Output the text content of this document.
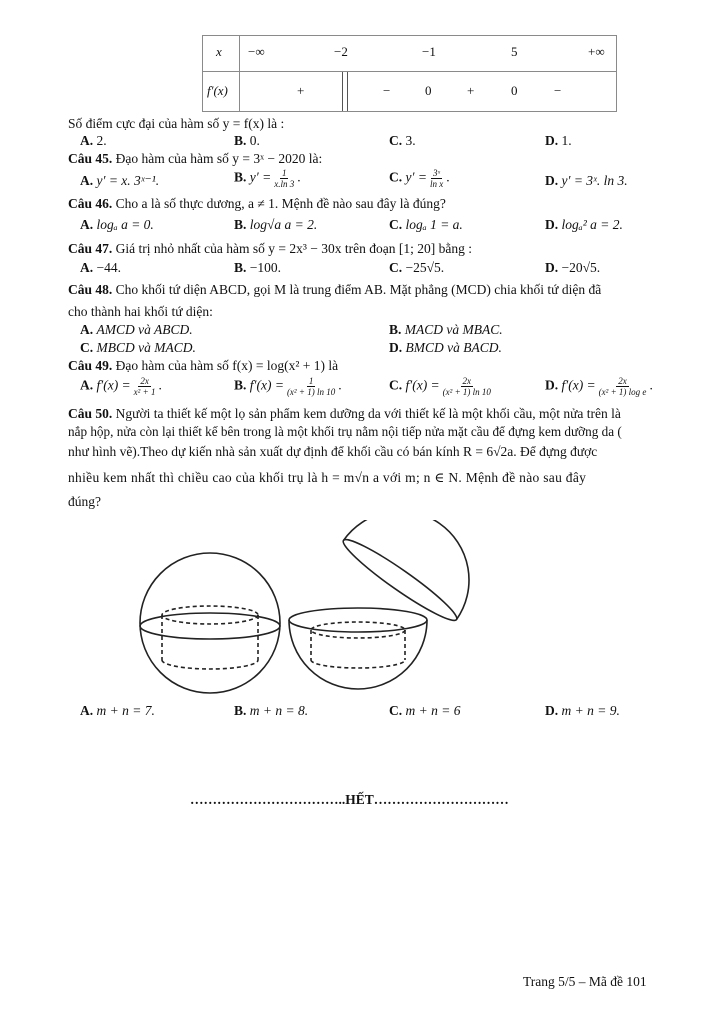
x −∞	−2	−1	5	+∞
f′(x)	+	−	0	+	0	−
Số điểm cực đại của hàm số y = f(x) là :
A. 2.	B. 0.	C. 3.	D. 1.
Câu 45. Đạo hàm của hàm số y = 3ˣ − 2020 là:
A. y′ = x. 3ˣ⁻¹.	B. $y' = \frac{1}{x.\ln 3}$ .	C. $y' = \frac{\text{3ˣ}}{\text{ln x}}$ .	D. y′ = 3ˣ. ln 3.
Câu 46. Cho a là số thực dương, a ≠ 1. Mệnh đề nào sau đây là đúng?
A. logₐ a = 0.	B. log√a a = 2.	C. logₐ 1 = a.	D. logₐ² a = 2.
Câu 47. Giá trị nhỏ nhất của hàm số y = 2x³ − 30x trên đoạn [1; 20] bằng :
A. −44.	B. −100.	C. −25√5.	D. −20√5.
Câu 48. Cho khối tứ diện ABCD, gọi M là trung điểm AB. Mặt phẳng (MCD) chia khối tứ diện đã
cho thành hai khối tứ diện:
A. AMCD và ABCD.	B. MACD và MBAC.
C. MBCD và MACD.	D. BMCD và BACD.
Câu 49. Đạo hàm của hàm số f(x) = log(x² + 1) là
A. $f'(x) = \frac{2x}{\text{x² + 1}}$ .	B. $f'(x) = \frac{1}{\text{(x² + 1) ln 10}}$ .	C. $f'(x) = \frac{2x}{\text{(x² + 1) ln 10}}$	D. $f'(x) = \frac{2x}{\text{(x² + 1) log e}}$ .
Câu 50. Người ta thiết kế một lọ sản phẩm kem dưỡng da với thiết kế là một khối cầu, một nửa trên là
nắp hộp, nửa còn lại thiết kế bên trong là một khối trụ nằm nội tiếp nửa mặt cầu để đựng kem dưỡng da (
như hình vẽ).Theo dự kiến nhà sản xuất dự định để khối cầu có bán kính R = 6√2a. Để đựng được
nhiều kem nhất thì chiều cao của khối trụ là h = m√n a với m; n ∈ N. Mệnh đề nào sau đây
đúng?
A. m + n = 7.	B. m + n = 8.	C. m + n = 6	D. m + n = 9.
……………………………..HẾT…………………………
Trang 5/5 – Mã đề 101
